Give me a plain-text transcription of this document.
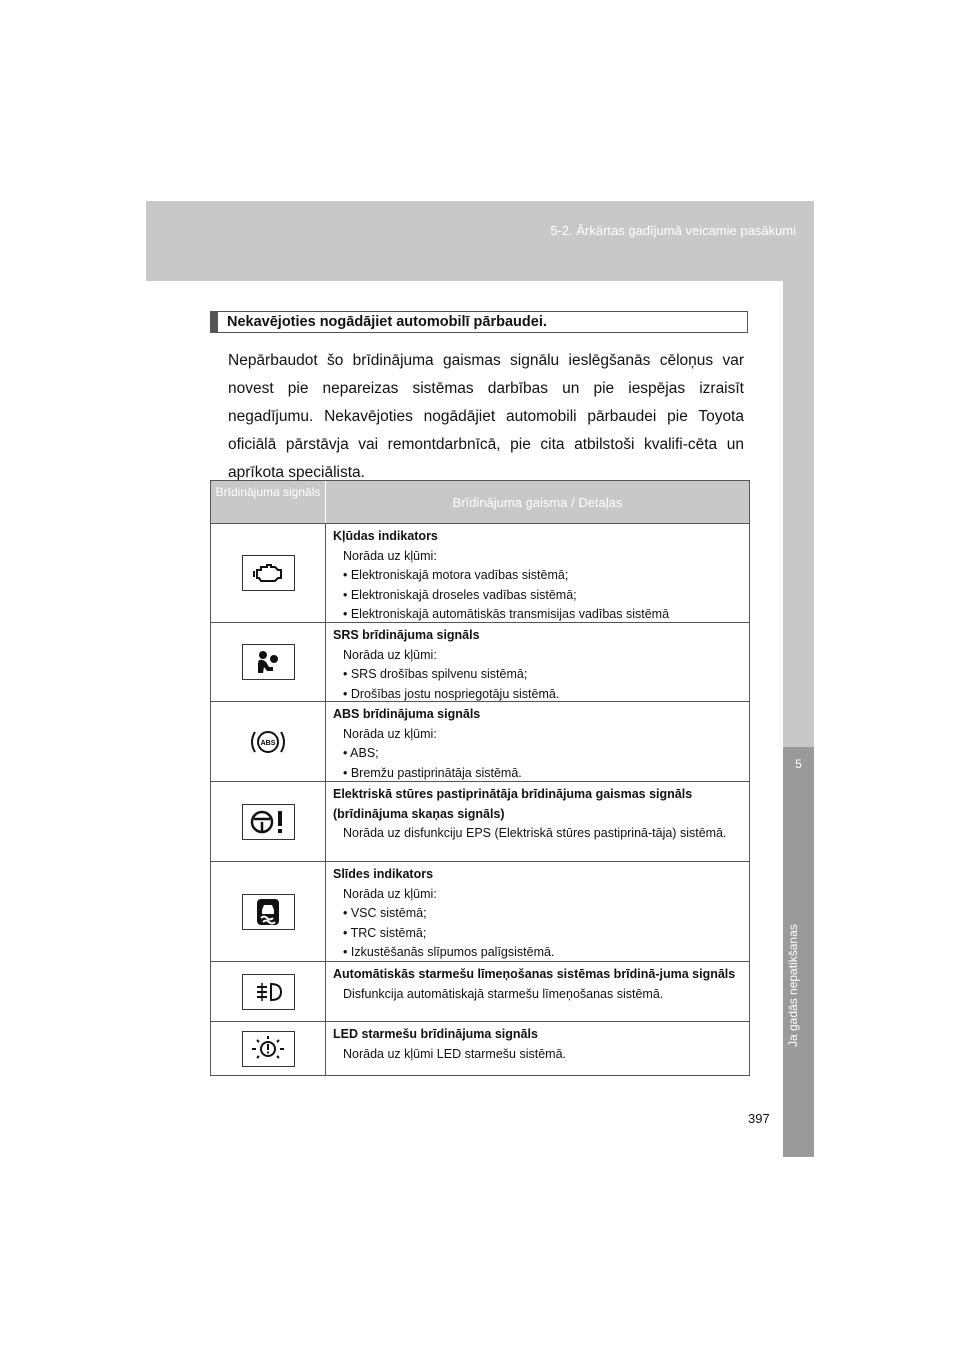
5-2. Ārkārtas gadījumā veicamie pasākumi
5
Ja gadās nepatikšanas
Nekavējoties nogādājiet automobilī pārbaudei.
Nepārbaudot šo brīdinājuma gaismas signālu ieslēgšanās cēloņus var novest pie nepareizas sistēmas darbības un pie iespējas izraisīt negadījumu. Nekavējoties nogādājiet automobili pārbaudei pie Toyota oficiālā pārstāvja vai remontdarbnīcā, pie cita atbilstoši kvalifi-cēta un aprīkota speciālista.
Brīdinājuma signāls
Brīdinājuma gaisma / Detaļas
Kļūdas indikators
Norāda uz kļūmi:
• Elektroniskajā motora vadības sistēmā;
• Elektroniskajā droseles vadības sistēmā;
• Elektroniskajā automātiskās transmisijas vadības sistēmā
SRS brīdinājuma signāls
Norāda uz kļūmi:
• SRS drošības spilvenu sistēmā;
• Drošības jostu nospriegotāju sistēmā.
ABS
ABS brīdinājuma signāls
Norāda uz kļūmi:
• ABS;
• Bremžu pastiprinātāja sistēmā.
Elektriskā stūres pastiprinātāja brīdinājuma gaismas signāls (brīdinājuma skaņas signāls)
Norāda uz disfunkciju EPS (Elektriskā stūres pastiprinā-tāja) sistēmā.
Slīdes indikators
Norāda uz kļūmi:
• VSC sistēmā;
• TRC sistēmā;
• Izkustēšanās slīpumos palīgsistēmā.
Automātiskās starmešu līmeņošanas sistēmas brīdinā-juma signāls
Disfunkcija automātiskajā starmešu līmeņošanas sistēmā.
LED starmešu brīdinājuma signāls
Norāda uz kļūmi LED starmešu sistēmā.
397
